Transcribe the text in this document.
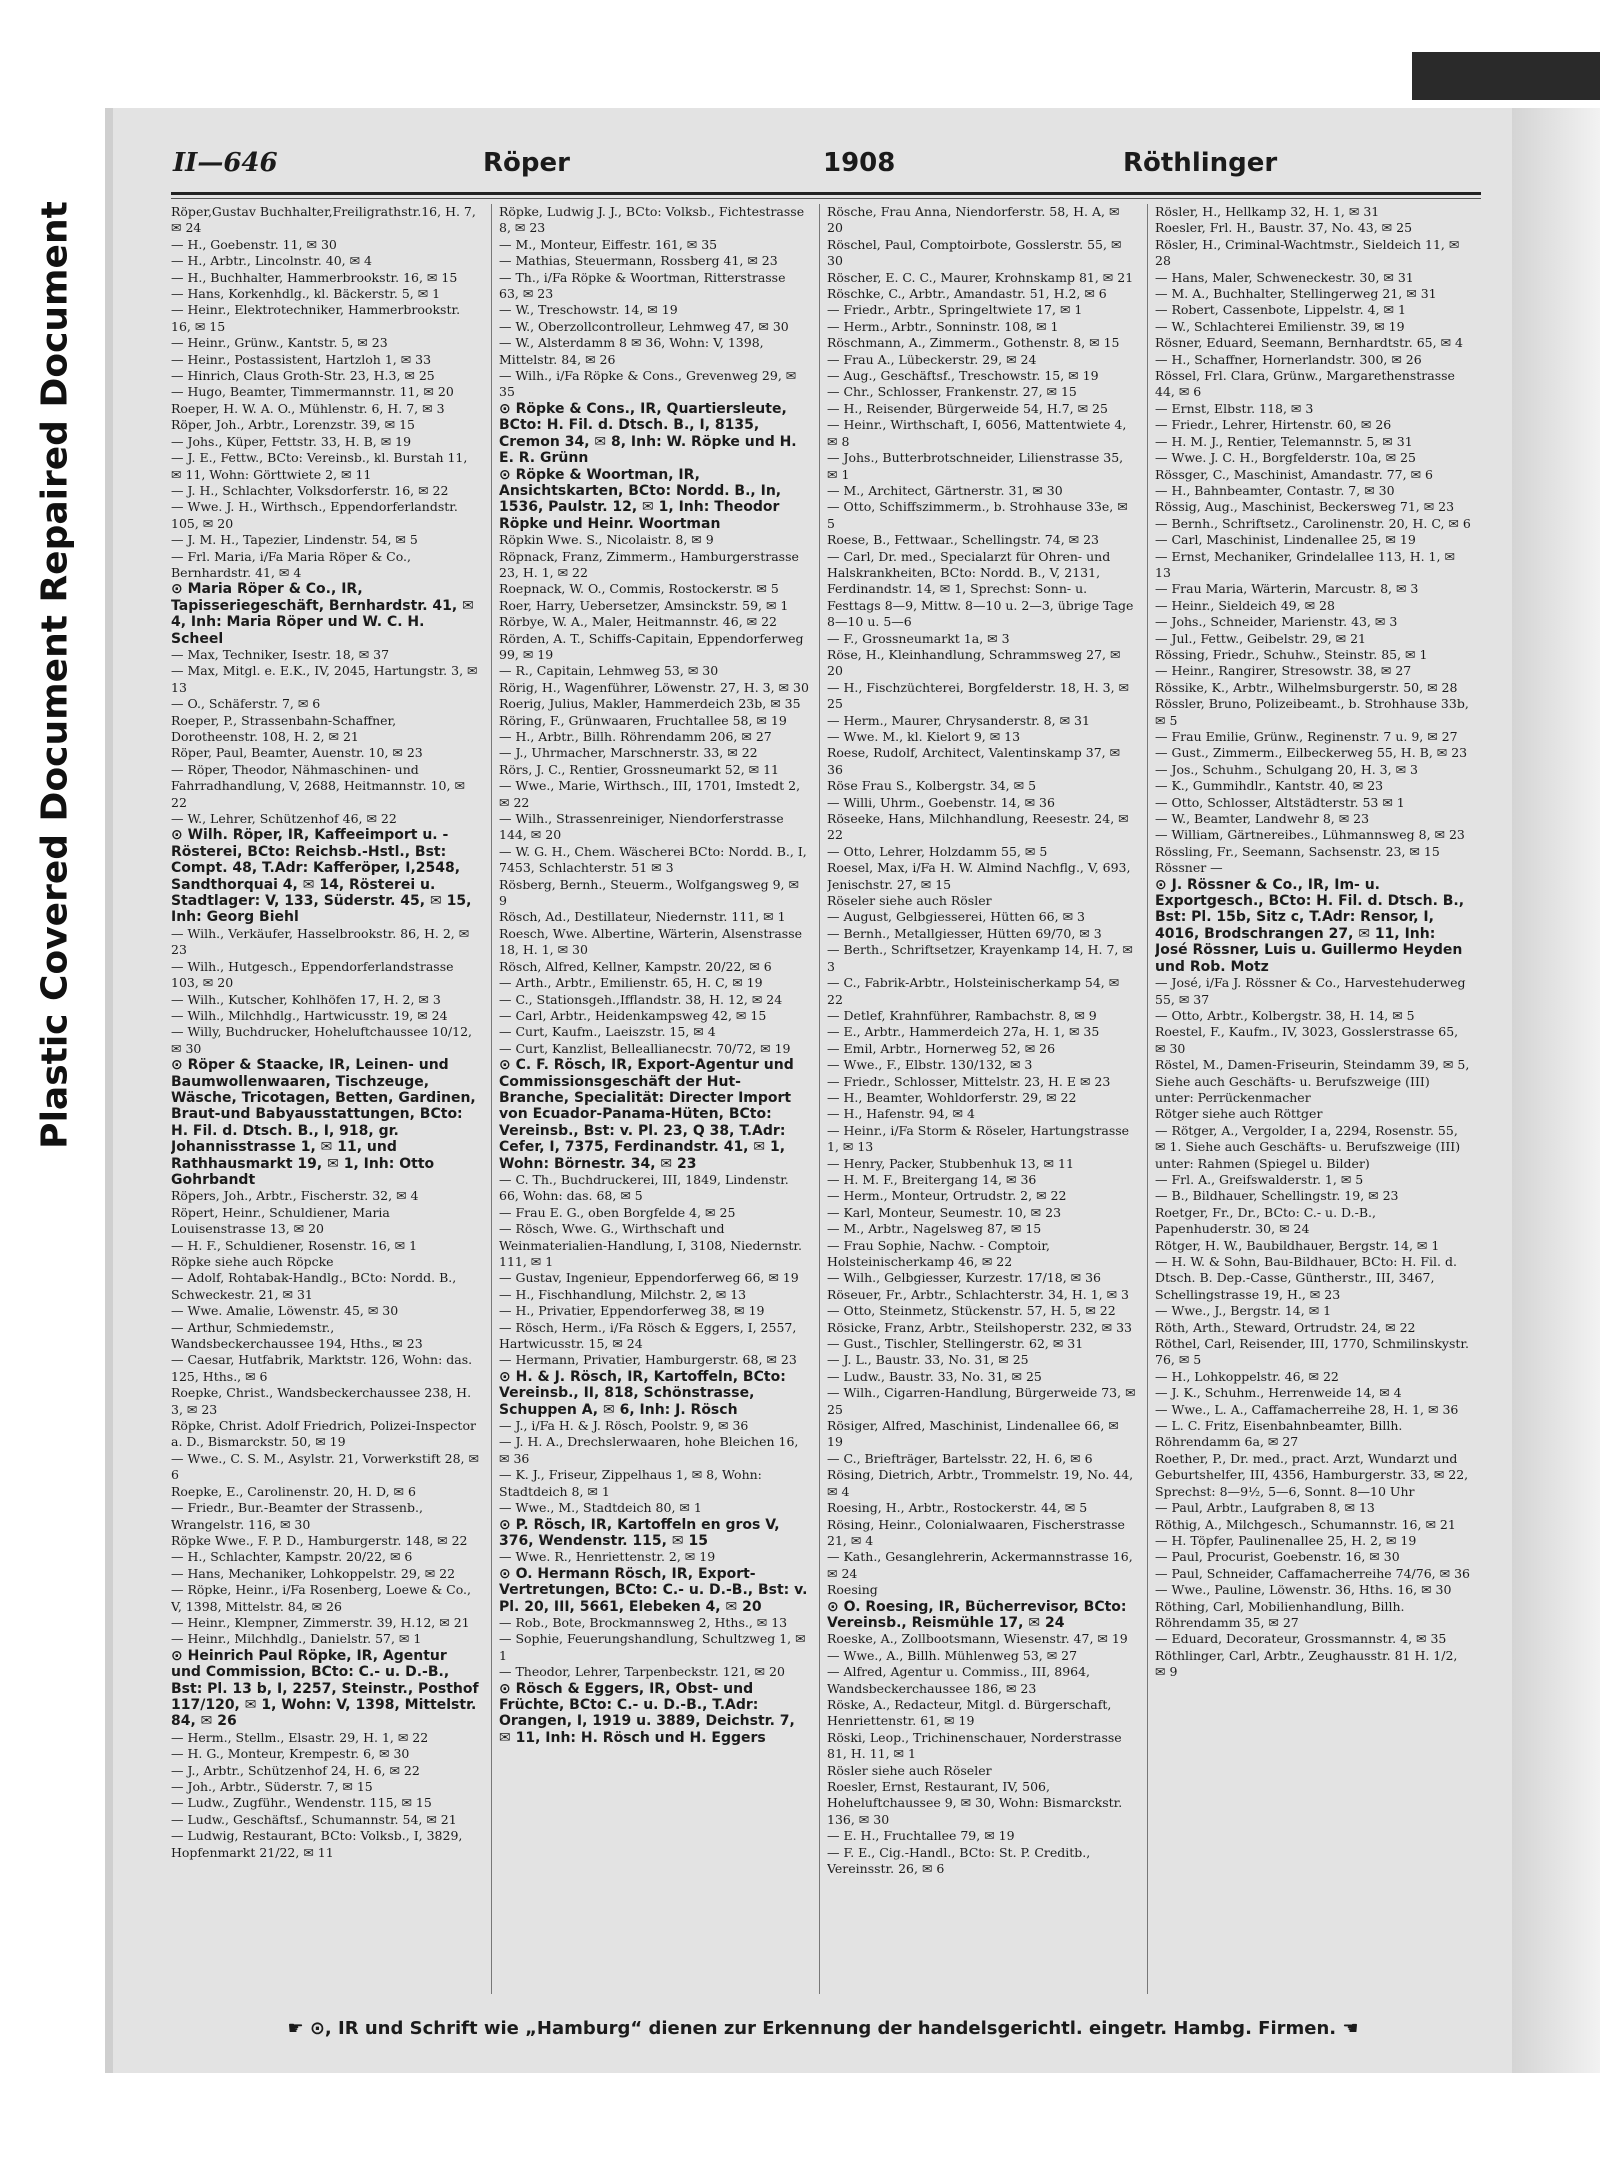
Plastic Covered Document Repaired Document
II—646	Röper	1908	Röthlinger

Röper,Gustav Buchhalter,Freiligrathstr.16, H. 7, ✉ 24

— H., Goebenstr. 11, ✉ 30

— H., Arbtr., Lincolnstr. 40, ✉ 4

— H., Buchhalter, Hammerbrookstr. 16, ✉ 15

— Hans, Korkenhdlg., kl. Bäckerstr. 5, ✉ 1

— Heinr., Elektrotechniker, Hammerbrookstr. 16, ✉ 15

— Heinr., Grünw., Kantstr. 5, ✉ 23

— Heinr., Postassistent, Hartzloh 1, ✉ 33

— Hinrich, Claus Groth-Str. 23, H.3, ✉ 25

— Hugo, Beamter, Timmermannstr. 11, ✉ 20

Roeper, H. W. A. O., Mühlenstr. 6, H. 7, ✉ 3

Röper, Joh., Arbtr., Lorenzstr. 39, ✉ 15

— Johs., Küper, Fettstr. 33, H. B, ✉ 19

— J. E., Fettw., BCto: Vereinsb., kl. Burstah 11, ✉ 11, Wohn: Görttwiete 2, ✉ 11

— J. H., Schlachter, Volksdorferstr. 16, ✉ 22

— Wwe. J. H., Wirthsch., Eppendorferlandstr. 105, ✉ 20

— J. M. H., Tapezier, Lindenstr. 54, ✉ 5

— Frl. Maria, i/Fa Maria Röper & Co., Bernhardstr. 41, ✉ 4

⊙ Maria Röper & Co., IR, Tapisseriegeschäft, Bernhardstr. 41, ✉ 4, Inh: Maria Röper und W. C. H. Scheel

— Max, Techniker, Isestr. 18, ✉ 37

— Max, Mitgl. e. E.K., IV, 2045, Hartungstr. 3, ✉ 13

— O., Schäferstr. 7, ✉ 6

Roeper, P., Strassenbahn-Schaffner, Dorotheenstr. 108, H. 2, ✉ 21

Röper, Paul, Beamter, Auenstr. 10, ✉ 23

— Röper, Theodor, Nähmaschinen- und Fahrradhandlung, V, 2688, Heitmannstr. 10, ✉ 22

— W., Lehrer, Schützenhof 46, ✉ 22

⊙ Wilh. Röper, IR, Kaffeeimport u. -Rösterei, BCto: Reichsb.-Hstl., Bst: Compt. 48, T.Adr: Kafferöper, I,2548, Sandthorquai 4, ✉ 14, Rösterei u. Stadtlager: V, 133, Süderstr. 45, ✉ 15, Inh: Georg Biehl

— Wilh., Verkäufer, Hasselbrookstr. 86, H. 2, ✉ 23

— Wilh., Hutgesch., Eppendorferlandstrasse 103, ✉ 20

— Wilh., Kutscher, Kohlhöfen 17, H. 2, ✉ 3

— Wilh., Milchhdlg., Hartwicusstr. 19, ✉ 24

— Willy, Buchdrucker, Hoheluftchaussee 10/12, ✉ 30

⊙ Röper & Staacke, IR, Leinen- und Baumwollenwaaren, Tischzeuge, Wäsche, Tricotagen, Betten, Gardinen, Braut-und Babyausstattungen, BCto: H. Fil. d. Dtsch. B., I, 918, gr. Johannisstrasse 1, ✉ 11, und Rathhausmarkt 19, ✉ 1, Inh: Otto Gohrbandt

Röpers, Joh., Arbtr., Fischerstr. 32, ✉ 4

Röpert, Heinr., Schuldiener, Maria Louisenstrasse 13, ✉ 20

— H. F., Schuldiener, Rosenstr. 16, ✉ 1

Röpke siehe auch Röpcke

— Adolf, Rohtabak-Handlg., BCto: Nordd. B., Schweckestr. 21, ✉ 31

— Wwe. Amalie, Löwenstr. 45, ✉ 30

— Arthur, Schmiedemstr., Wandsbeckerchaussee 194, Hths., ✉ 23

— Caesar, Hutfabrik, Marktstr. 126, Wohn: das. 125, Hths., ✉ 6

Roepke, Christ., Wandsbeckerchaussee 238, H. 3, ✉ 23

Röpke, Christ. Adolf Friedrich, Polizei-Inspector a. D., Bismarckstr. 50, ✉ 19

— Wwe., C. S. M., Asylstr. 21, Vorwerkstift 28, ✉ 6

Roepke, E., Carolinenstr. 20, H. D, ✉ 6

— Friedr., Bur.-Beamter der Strassenb., Wrangelstr. 116, ✉ 30

Röpke Wwe., F. P. D., Hamburgerstr. 148, ✉ 22

— H., Schlachter, Kampstr. 20/22, ✉ 6

— Hans, Mechaniker, Lohkoppelstr. 29, ✉ 22

— Röpke, Heinr., i/Fa Rosenberg, Loewe & Co., V, 1398, Mittelstr. 84, ✉ 26

— Heinr., Klempner, Zimmerstr. 39, H.12, ✉ 21

— Heinr., Milchhdlg., Danielstr. 57, ✉ 1

⊙ Heinrich Paul Röpke, IR, Agentur und Commission, BCto: C.- u. D.-B., Bst: Pl. 13 b, I, 2257, Steinstr., Posthof 117/120, ✉ 1, Wohn: V, 1398, Mittelstr. 84, ✉ 26

— Herm., Stellm., Elsastr. 29, H. 1, ✉ 22

— H. G., Monteur, Krempestr. 6, ✉ 30

— J., Arbtr., Schützenhof 24, H. 6, ✉ 22

— Joh., Arbtr., Süderstr. 7, ✉ 15

— Ludw., Zugführ., Wendenstr. 115, ✉ 15

— Ludw., Geschäftsf., Schumannstr. 54, ✉ 21

— Ludwig, Restaurant, BCto: Volksb., I, 3829, Hopfenmarkt 21/22, ✉ 11

Röpke, Ludwig J. J., BCto: Volksb., Fichtestrasse 8, ✉ 23

— M., Monteur, Eiffestr. 161, ✉ 35

— Mathias, Steuermann, Rossberg 41, ✉ 23

— Th., i/Fa Röpke & Woortman, Ritterstrasse 63, ✉ 23

— W., Treschowstr. 14, ✉ 19

— W., Oberzollcontrolleur, Lehmweg 47, ✉ 30

— W., Alsterdamm 8 ✉ 36, Wohn: V, 1398, Mittelstr. 84, ✉ 26

— Wilh., i/Fa Röpke & Cons., Grevenweg 29, ✉ 35

⊙ Röpke & Cons., IR, Quartiersleute, BCto: H. Fil. d. Dtsch. B., I, 8135, Cremon 34, ✉ 8, Inh: W. Röpke und H. E. R. Grünn

⊙ Röpke & Woortman, IR, Ansichtskarten, BCto: Nordd. B., In, 1536, Paulstr. 12, ✉ 1, Inh: Theodor Röpke und Heinr. Woortman

Röpkin Wwe. S., Nicolaistr. 8, ✉ 9

Röpnack, Franz, Zimmerm., Hamburgerstrasse 23, H. 1, ✉ 22

Roepnack, W. O., Commis, Rostockerstr. ✉ 5

Roer, Harry, Uebersetzer, Amsinckstr. 59, ✉ 1

Rörbye, W. A., Maler, Heitmannstr. 46, ✉ 22

Rörden, A. T., Schiffs-Capitain, Eppendorferweg 99, ✉ 19

— R., Capitain, Lehmweg 53, ✉ 30

Rörig, H., Wagenführer, Löwenstr. 27, H. 3, ✉ 30

Roerig, Julius, Makler, Hammerdeich 23b, ✉ 35

Röring, F., Grünwaaren, Fruchtallee 58, ✉ 19

— H., Arbtr., Billh. Röhrendamm 206, ✉ 27

— J., Uhrmacher, Marschnerstr. 33, ✉ 22

Rörs, J. C., Rentier, Grossneumarkt 52, ✉ 11

— Wwe., Marie, Wirthsch., III, 1701, Imstedt 2, ✉ 22

— Wilh., Strassenreiniger, Niendorferstrasse 144, ✉ 20

— W. G. H., Chem. Wäscherei BCto: Nordd. B., I, 7453, Schlachterstr. 51 ✉ 3

Rösberg, Bernh., Steuerm., Wolfgangsweg 9, ✉ 9

Rösch, Ad., Destillateur, Niedernstr. 111, ✉ 1

Roesch, Wwe. Albertine, Wärterin, Alsenstrasse 18, H. 1, ✉ 30

Rösch, Alfred, Kellner, Kampstr. 20/22, ✉ 6

— Arth., Arbtr., Emilienstr. 65, H. C, ✉ 19

— C., Stationsgeh.,Ifflandstr. 38, H. 12, ✉ 24

— Carl, Arbtr., Heidenkampsweg 42, ✉ 15

— Curt, Kaufm., Laeiszstr. 15, ✉ 4

— Curt, Kanzlist, Belleallianecstr. 70/72, ✉ 19

⊙ C. F. Rösch, IR, Export-Agentur und Commissionsgeschäft der Hut-Branche, Specialität: Directer Import von Ecuador-Panama-Hüten, BCto: Vereinsb., Bst: v. Pl. 23, Q 38, T.Adr: Cefer, I, 7375, Ferdinandstr. 41, ✉ 1, Wohn: Börnestr. 34, ✉ 23

— C. Th., Buchdruckerei, III, 1849, Lindenstr. 66, Wohn: das. 68, ✉ 5

— Frau E. G., oben Borgfelde 4, ✉ 25

— Rösch, Wwe. G., Wirthschaft und Weinmaterialien-Handlung, I, 3108, Niedernstr. 111, ✉ 1

— Gustav, Ingenieur, Eppendorferweg 66, ✉ 19

— H., Fischhandlung, Milchstr. 2, ✉ 13

— H., Privatier, Eppendorferweg 38, ✉ 19

— Rösch, Herm., i/Fa Rösch & Eggers, I, 2557, Hartwicusstr. 15, ✉ 24

— Hermann, Privatier, Hamburgerstr. 68, ✉ 23

⊙ H. & J. Rösch, IR, Kartoffeln, BCto: Vereinsb., II, 818, Schönstrasse, Schuppen A, ✉ 6, Inh: J. Rösch

— J., i/Fa H. & J. Rösch, Poolstr. 9, ✉ 36

— J. H. A., Drechslerwaaren, hohe Bleichen 16, ✉ 36

— K. J., Friseur, Zippelhaus 1, ✉ 8, Wohn: Stadtdeich 8, ✉ 1

— Wwe., M., Stadtdeich 80, ✉ 1

⊙ P. Rösch, IR, Kartoffeln en gros V, 376, Wendenstr. 115, ✉ 15

— Wwe. R., Henriettenstr. 2, ✉ 19

⊙ O. Hermann Rösch, IR, Export-Vertretungen, BCto: C.- u. D.-B., Bst: v. Pl. 20, III, 5661, Elebeken 4, ✉ 20

— Rob., Bote, Brockmannsweg 2, Hths., ✉ 13

— Sophie, Feuerungshandlung, Schultzweg 1, ✉ 1

— Theodor, Lehrer, Tarpenbeckstr. 121, ✉ 20

⊙ Rösch & Eggers, IR, Obst- und Früchte, BCto: C.- u. D.-B., T.Adr: Orangen, I, 1919 u. 3889, Deichstr. 7, ✉ 11, Inh: H. Rösch und H. Eggers

Rösche, Frau Anna, Niendorferstr. 58, H. A, ✉ 20

Röschel, Paul, Comptoirbote, Gosslerstr. 55, ✉ 30

Röscher, E. C. C., Maurer, Krohnskamp 81, ✉ 21

Röschke, C., Arbtr., Amandastr. 51, H.2, ✉ 6

— Friedr., Arbtr., Springeltwiete 17, ✉ 1

— Herm., Arbtr., Sonninstr. 108, ✉ 1

Röschmann, A., Zimmerm., Gothenstr. 8, ✉ 15

— Frau A., Lübeckerstr. 29, ✉ 24

— Aug., Geschäftsf., Treschowstr. 15, ✉ 19

— Chr., Schlosser, Frankenstr. 27, ✉ 15

— H., Reisender, Bürgerweide 54, H.7, ✉ 25

— Heinr., Wirthschaft, I, 6056, Mattentwiete 4, ✉ 8

— Johs., Butterbrotschneider, Lilienstrasse 35, ✉ 1

— M., Architect, Gärtnerstr. 31, ✉ 30

— Otto, Schiffszimmerm., b. Strohhause 33e, ✉ 5

Roese, B., Fettwaar., Schellingstr. 74, ✉ 23

— Carl, Dr. med., Specialarzt für Ohren- und Halskrankheiten, BCto: Nordd. B., V, 2131, Ferdinandstr. 14, ✉ 1, Sprechst: Sonn- u. Festtags 8—9, Mittw. 8—10 u. 2—3, übrige Tage 8—10 u. 5—6

— F., Grossneumarkt 1a, ✉ 3

Röse, H., Kleinhandlung, Schrammsweg 27, ✉ 20

— H., Fischzüchterei, Borgfelderstr. 18, H. 3, ✉ 25

— Herm., Maurer, Chrysanderstr. 8, ✉ 31

— Wwe. M., kl. Kielort 9, ✉ 13

Roese, Rudolf, Architect, Valentinskamp 37, ✉ 36

Röse Frau S., Kolbergstr. 34, ✉ 5

— Willi, Uhrm., Goebenstr. 14, ✉ 36

Röseeke, Hans, Milchhandlung, Reesestr. 24, ✉ 22

— Otto, Lehrer, Holzdamm 55, ✉ 5

Roesel, Max, i/Fa H. W. Almind Nachflg., V, 693, Jenischstr. 27, ✉ 15

Röseler siehe auch Rösler

— August, Gelbgiesserei, Hütten 66, ✉ 3

— Bernh., Metallgiesser, Hütten 69/70, ✉ 3

— Berth., Schriftsetzer, Krayenkamp 14, H. 7, ✉ 3

— C., Fabrik-Arbtr., Holsteinischerkamp 54, ✉ 22

— Detlef, Krahnführer, Rambachstr. 8, ✉ 9

— E., Arbtr., Hammerdeich 27a, H. 1, ✉ 35

— Emil, Arbtr., Hornerweg 52, ✉ 26

— Wwe., F., Elbstr. 130/132, ✉ 3

— Friedr., Schlosser, Mittelstr. 23, H. E ✉ 23

— H., Beamter, Wohldorferstr. 29, ✉ 22

— H., Hafenstr. 94, ✉ 4

— Heinr., i/Fa Storm & Röseler, Hartungstrasse 1, ✉ 13

— Henry, Packer, Stubbenhuk 13, ✉ 11

— H. M. F., Breitergang 14, ✉ 36

— Herm., Monteur, Ortrudstr. 2, ✉ 22

— Karl, Monteur, Seumestr. 10, ✉ 23

— M., Arbtr., Nagelsweg 87, ✉ 15

— Frau Sophie, Nachw. - Comptoir, Holsteinischerkamp 46, ✉ 22

— Wilh., Gelbgiesser, Kurzestr. 17/18, ✉ 36

Röseuer, Fr., Arbtr., Schlachterstr. 34, H. 1, ✉ 3

— Otto, Steinmetz, Stückenstr. 57, H. 5, ✉ 22

Rösicke, Franz, Arbtr., Steilshoperstr. 232, ✉ 33

— Gust., Tischler, Stellingerstr. 62, ✉ 31

— J. L., Baustr. 33, No. 31, ✉ 25

— Ludw., Baustr. 33, No. 31, ✉ 25

— Wilh., Cigarren-Handlung, Bürgerweide 73, ✉ 25

Rösiger, Alfred, Maschinist, Lindenallee 66, ✉ 19

— C., Briefträger, Bartelsstr. 22, H. 6, ✉ 6

Rösing, Dietrich, Arbtr., Trommelstr. 19, No. 44, ✉ 4

Roesing, H., Arbtr., Rostockerstr. 44, ✉ 5

Rösing, Heinr., Colonialwaaren, Fischerstrasse 21, ✉ 4

— Kath., Gesanglehrerin, Ackermannstrasse 16, ✉ 24

Roesing

⊙ O. Roesing, IR, Bücherrevisor, BCto: Vereinsb., Reismühle 17, ✉ 24

Roeske, A., Zollbootsmann, Wiesenstr. 47, ✉ 19

— Wwe., A., Billh. Mühlenweg 53, ✉ 27

— Alfred, Agentur u. Commiss., III, 8964, Wandsbeckerchaussee 186, ✉ 23

Röske, A., Redacteur, Mitgl. d. Bürgerschaft, Henriettenstr. 61, ✉ 19

Röski, Leop., Trichinenschauer, Norderstrasse 81, H. 11, ✉ 1

Rösler siehe auch Röseler

Roesler, Ernst, Restaurant, IV, 506, Hoheluftchaussee 9, ✉ 30, Wohn: Bismarckstr. 136, ✉ 30

— E. H., Fruchtallee 79, ✉ 19

— F. E., Cig.-Handl., BCto: St. P. Creditb., Vereinsstr. 26, ✉ 6

Rösler, H., Hellkamp 32, H. 1, ✉ 31

Roesler, Frl. H., Baustr. 37, No. 43, ✉ 25

Rösler, H., Criminal-Wachtmstr., Sieldeich 11, ✉ 28

— Hans, Maler, Schweneckestr. 30, ✉ 31

— M. A., Buchhalter, Stellingerweg 21, ✉ 31

— Robert, Cassenbote, Lippelstr. 4, ✉ 1

— W., Schlachterei Emilienstr. 39, ✉ 19

Rösner, Eduard, Seemann, Bernhardtstr. 65, ✉ 4

— H., Schaffner, Hornerlandstr. 300, ✉ 26

Rössel, Frl. Clara, Grünw., Margarethenstrasse 44, ✉ 6

— Ernst, Elbstr. 118, ✉ 3

— Friedr., Lehrer, Hirtenstr. 60, ✉ 26

— H. M. J., Rentier, Telemannstr. 5, ✉ 31

— Wwe. J. C. H., Borgfelderstr. 10a, ✉ 25

Rössger, C., Maschinist, Amandastr. 77, ✉ 6

— H., Bahnbeamter, Contastr. 7, ✉ 30

Rössig, Aug., Maschinist, Beckersweg 71, ✉ 23

— Bernh., Schriftsetz., Carolinenstr. 20, H. C, ✉ 6

— Carl, Maschinist, Lindenallee 25, ✉ 19

— Ernst, Mechaniker, Grindelallee 113, H. 1, ✉ 13

— Frau Maria, Wärterin, Marcustr. 8, ✉ 3

— Heinr., Sieldeich 49, ✉ 28

— Johs., Schneider, Marienstr. 43, ✉ 3

— Jul., Fettw., Geibelstr. 29, ✉ 21

Rössing, Friedr., Schuhw., Steinstr. 85, ✉ 1

— Heinr., Rangirer, Stresowstr. 38, ✉ 27

Rössike, K., Arbtr., Wilhelmsburgerstr. 50, ✉ 28

Rössler, Bruno, Polizeibeamt., b. Strohhause 33b, ✉ 5

— Frau Emilie, Grünw., Reginenstr. 7 u. 9, ✉ 27

— Gust., Zimmerm., Eilbeckerweg 55, H. B, ✉ 23

— Jos., Schuhm., Schulgang 20, H. 3, ✉ 3

— K., Gummihdlr., Kantstr. 40, ✉ 23

— Otto, Schlosser, Altstädterstr. 53 ✉ 1

— W., Beamter, Landwehr 8, ✉ 23

— William, Gärtnereibes., Lühmannsweg 8, ✉ 23

Rössling, Fr., Seemann, Sachsenstr. 23, ✉ 15

Rössner —

⊙ J. Rössner & Co., IR, Im- u. Exportgesch., BCto: H. Fil. d. Dtsch. B., Bst: Pl. 15b, Sitz c, T.Adr: Rensor, I, 4016, Brodschrangen 27, ✉ 11, Inh: José Rössner, Luis u. Guillermo Heyden und Rob. Motz

— José, i/Fa J. Rössner & Co., Harvestehuderweg 55, ✉ 37

— Otto, Arbtr., Kolbergstr. 38, H. 14, ✉ 5

Roestel, F., Kaufm., IV, 3023, Gosslerstrasse 65, ✉ 30

Röstel, M., Damen-Friseurin, Steindamm 39, ✉ 5, Siehe auch Geschäfts- u. Berufszweige (III) unter: Perrückenmacher

Rötger siehe auch Röttger

— Rötger, A., Vergolder, I a, 2294, Rosenstr. 55, ✉ 1. Siehe auch Geschäfts- u. Berufszweige (III) unter: Rahmen (Spiegel u. Bilder)

— Frl. A., Greifswalderstr. 1, ✉ 5

— B., Bildhauer, Schellingstr. 19, ✉ 23

Roetger, Fr., Dr., BCto: C.- u. D.-B., Papenhuderstr. 30, ✉ 24

Rötger, H. W., Baubildhauer, Bergstr. 14, ✉ 1

— H. W. & Sohn, Bau-Bildhauer, BCto: H. Fil. d. Dtsch. B. Dep.-Casse, Güntherstr., III, 3467, Schellingstrasse 19, H., ✉ 23

— Wwe., J., Bergstr. 14, ✉ 1

Röth, Arth., Steward, Ortrudstr. 24, ✉ 22

Röthel, Carl, Reisender, III, 1770, Schmilinskystr. 76, ✉ 5

— H., Lohkoppelstr. 46, ✉ 22

— J. K., Schuhm., Herrenweide 14, ✉ 4

— Wwe., L. A., Caffamacherreihe 28, H. 1, ✉ 36

— L. C. Fritz, Eisenbahnbeamter, Billh. Röhrendamm 6a, ✉ 27

Roether, P., Dr. med., pract. Arzt, Wundarzt und Geburtshelfer, III, 4356, Hamburgerstr. 33, ✉ 22, Sprechst: 8—9½, 5—6, Sonnt. 8—10 Uhr

— Paul, Arbtr., Laufgraben 8, ✉ 13

Röthig, A., Milchgesch., Schumannstr. 16, ✉ 21

— H. Töpfer, Paulinenallee 25, H. 2, ✉ 19

— Paul, Procurist, Goebenstr. 16, ✉ 30

— Paul, Schneider, Caffamacherreihe 74/76, ✉ 36

— Wwe., Pauline, Löwenstr. 36, Hths. 16, ✉ 30

Röthing, Carl, Mobilienhandlung, Billh. Röhrendamm 35, ✉ 27

— Eduard, Decorateur, Grossmannstr. 4, ✉ 35

Röthlinger, Carl, Arbtr., Zeughausstr. 81 H. 1/2, ✉ 9

☛ ⊙, IR und Schrift wie „Hamburg“ dienen zur Erkennung der handelsgerichtl. eingetr. Hambg. Firmen. ☚
